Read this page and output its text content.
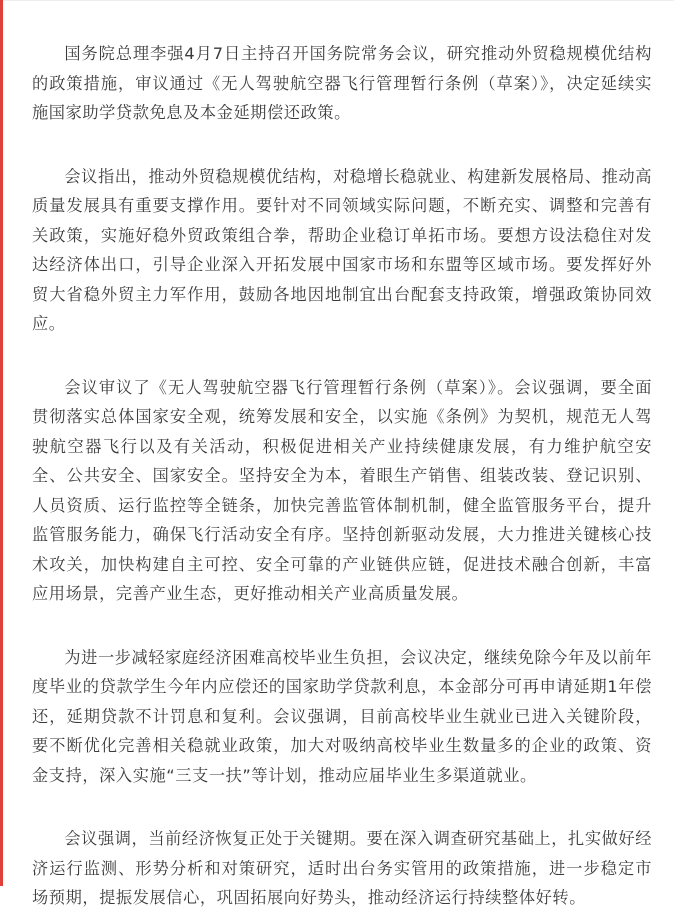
国务院总理李强4月7日主持召开国务院常务会议，研究推动外贸稳规模优结构的政策措施，审议通过《无人驾驶航空器飞行管理暂行条例（草案）》，决定延续实施国家助学贷款免息及本金延期偿还政策。

会议指出，推动外贸稳规模优结构，对稳增长稳就业、构建新发展格局、推动高质量发展具有重要支撑作用。要针对不同领域实际问题，不断充实、调整和完善有关政策，实施好稳外贸政策组合拳，帮助企业稳订单拓市场。要想方设法稳住对发达经济体出口，引导企业深入开拓发展中国家市场和东盟等区域市场。要发挥好外贸大省稳外贸主力军作用，鼓励各地因地制宜出台配套支持政策，增强政策协同效应。

会议审议了《无人驾驶航空器飞行管理暂行条例（草案）》。会议强调，要全面贯彻落实总体国家安全观，统筹发展和安全，以实施《条例》为契机，规范无人驾驶航空器飞行以及有关活动，积极促进相关产业持续健康发展，有力维护航空安全、公共安全、国家安全。坚持安全为本，着眼生产销售、组装改装、登记识别、人员资质、运行监控等全链条，加快完善监管体制机制，健全监管服务平台，提升监管服务能力，确保飞行活动安全有序。坚持创新驱动发展，大力推进关键核心技术攻关，加快构建自主可控、安全可靠的产业链供应链，促进技术融合创新，丰富应用场景，完善产业生态，更好推动相关产业高质量发展。

为进一步减轻家庭经济困难高校毕业生负担，会议决定，继续免除今年及以前年度毕业的贷款学生今年内应偿还的国家助学贷款利息，本金部分可再申请延期1年偿还，延期贷款不计罚息和复利。会议强调，目前高校毕业生就业已进入关键阶段，要不断优化完善相关稳就业政策，加大对吸纳高校毕业生数量多的企业的政策、资金支持，深入实施“三支一扶”等计划，推动应届毕业生多渠道就业。

会议强调，当前经济恢复正处于关键期。要在深入调查研究基础上，扎实做好经济运行监测、形势分析和对策研究，适时出台务实管用的政策措施，进一步稳定市场预期，提振发展信心，巩固拓展向好势头，推动经济运行持续整体好转。
